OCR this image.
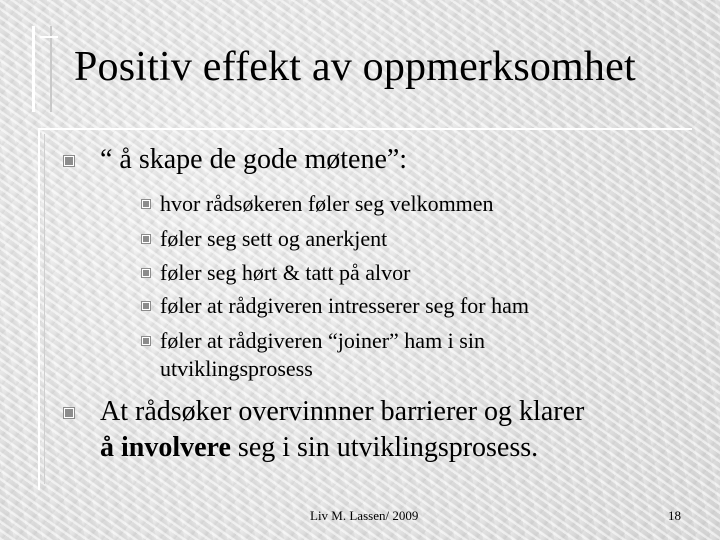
Positiv effekt av oppmerksomhet
“ å skape de gode møtene”:
hvor rådsøkeren føler seg velkommen
føler seg sett og anerkjent
føler seg hørt & tatt på alvor
føler at rådgiveren intresserer seg for ham
føler at rådgiveren “joiner” ham i sin
utviklingsprosess
At rådsøker overvinnner barrierer og klarer
å involvere seg i sin utviklingsprosess.
Liv M. Lassen/ 2009	18
